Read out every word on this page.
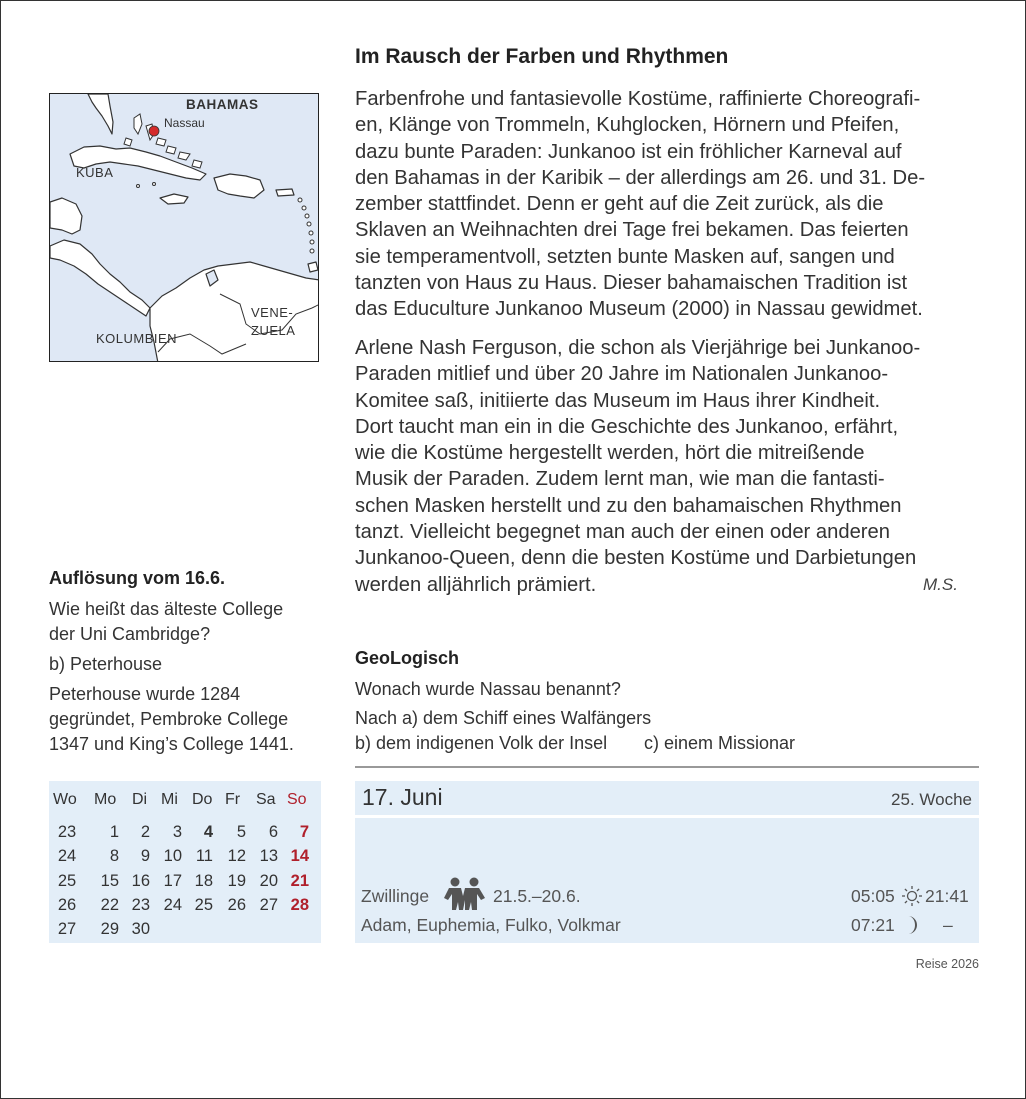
BAHAMAS
Nassau
KUBA
VENE-
ZUELA
KOLUMBIEN
Im Rausch der Farben und Rhythmen
Farbenfrohe und fantasievolle Kostüme, raffinierte Choreografi-
en, Klänge von Trommeln, Kuhglocken, Hörnern und Pfeifen,
dazu bunte Paraden: Junkanoo ist ein fröhlicher Karneval auf
den Bahamas in der Karibik – der allerdings am 26. und 31. De-
zember stattfindet. Denn er geht auf die Zeit zurück, als die
Sklaven an Weihnachten drei Tage frei bekamen. Das feierten
sie temperamentvoll, setzten bunte Masken auf, sangen und
tanzten von Haus zu Haus. Dieser bahamaischen Tradition ist
das Educulture Junkanoo Museum (2000) in Nassau gewidmet.
Arlene Nash Ferguson, die schon als Vierjährige bei Junkanoo-
Paraden mitlief und über 20 Jahre im Nationalen Junkanoo-
Komitee saß, initiierte das Museum im Haus ihrer Kindheit.
Dort taucht man ein in die Geschichte des Junkanoo, erfährt,
wie die Kostüme hergestellt werden, hört die mitreißende
Musik der Paraden. Zudem lernt man, wie man die fantasti-
schen Masken herstellt und zu den bahamaischen Rhythmen
tanzt. Vielleicht begegnet man auch der einen oder anderen
Junkanoo-Queen, denn die besten Kostüme und Darbietungen
werden alljährlich prämiert.	M.S.
GeoLogisch
Wonach wurde Nassau benannt?
Nach a) dem Schiff eines Walfängers
b) dem indigenen Volk der Insel c) einem Missionar
Auflösung vom 16.6.
Wie heißt das älteste College
der Uni Cambridge?
b) Peterhouse
Peterhouse wurde 1284
gegründet, Pembroke College
1347 und King’s College 1441.
Wo Mo Di Mi Do Fr Sa So
23	1	2	3	4	5	6	7
24	8	9 10 11 12 13 14
25	15 16 17 18 19 20 21
26	22 23 24 25 26 27 28
27	29 30
17. Juni	25. Woche
Zwillinge	21.5.–20.6.
Adam, Euphemia, Fulko, Volkmar
05:05 21:41
07:21	–
Reise 2026
